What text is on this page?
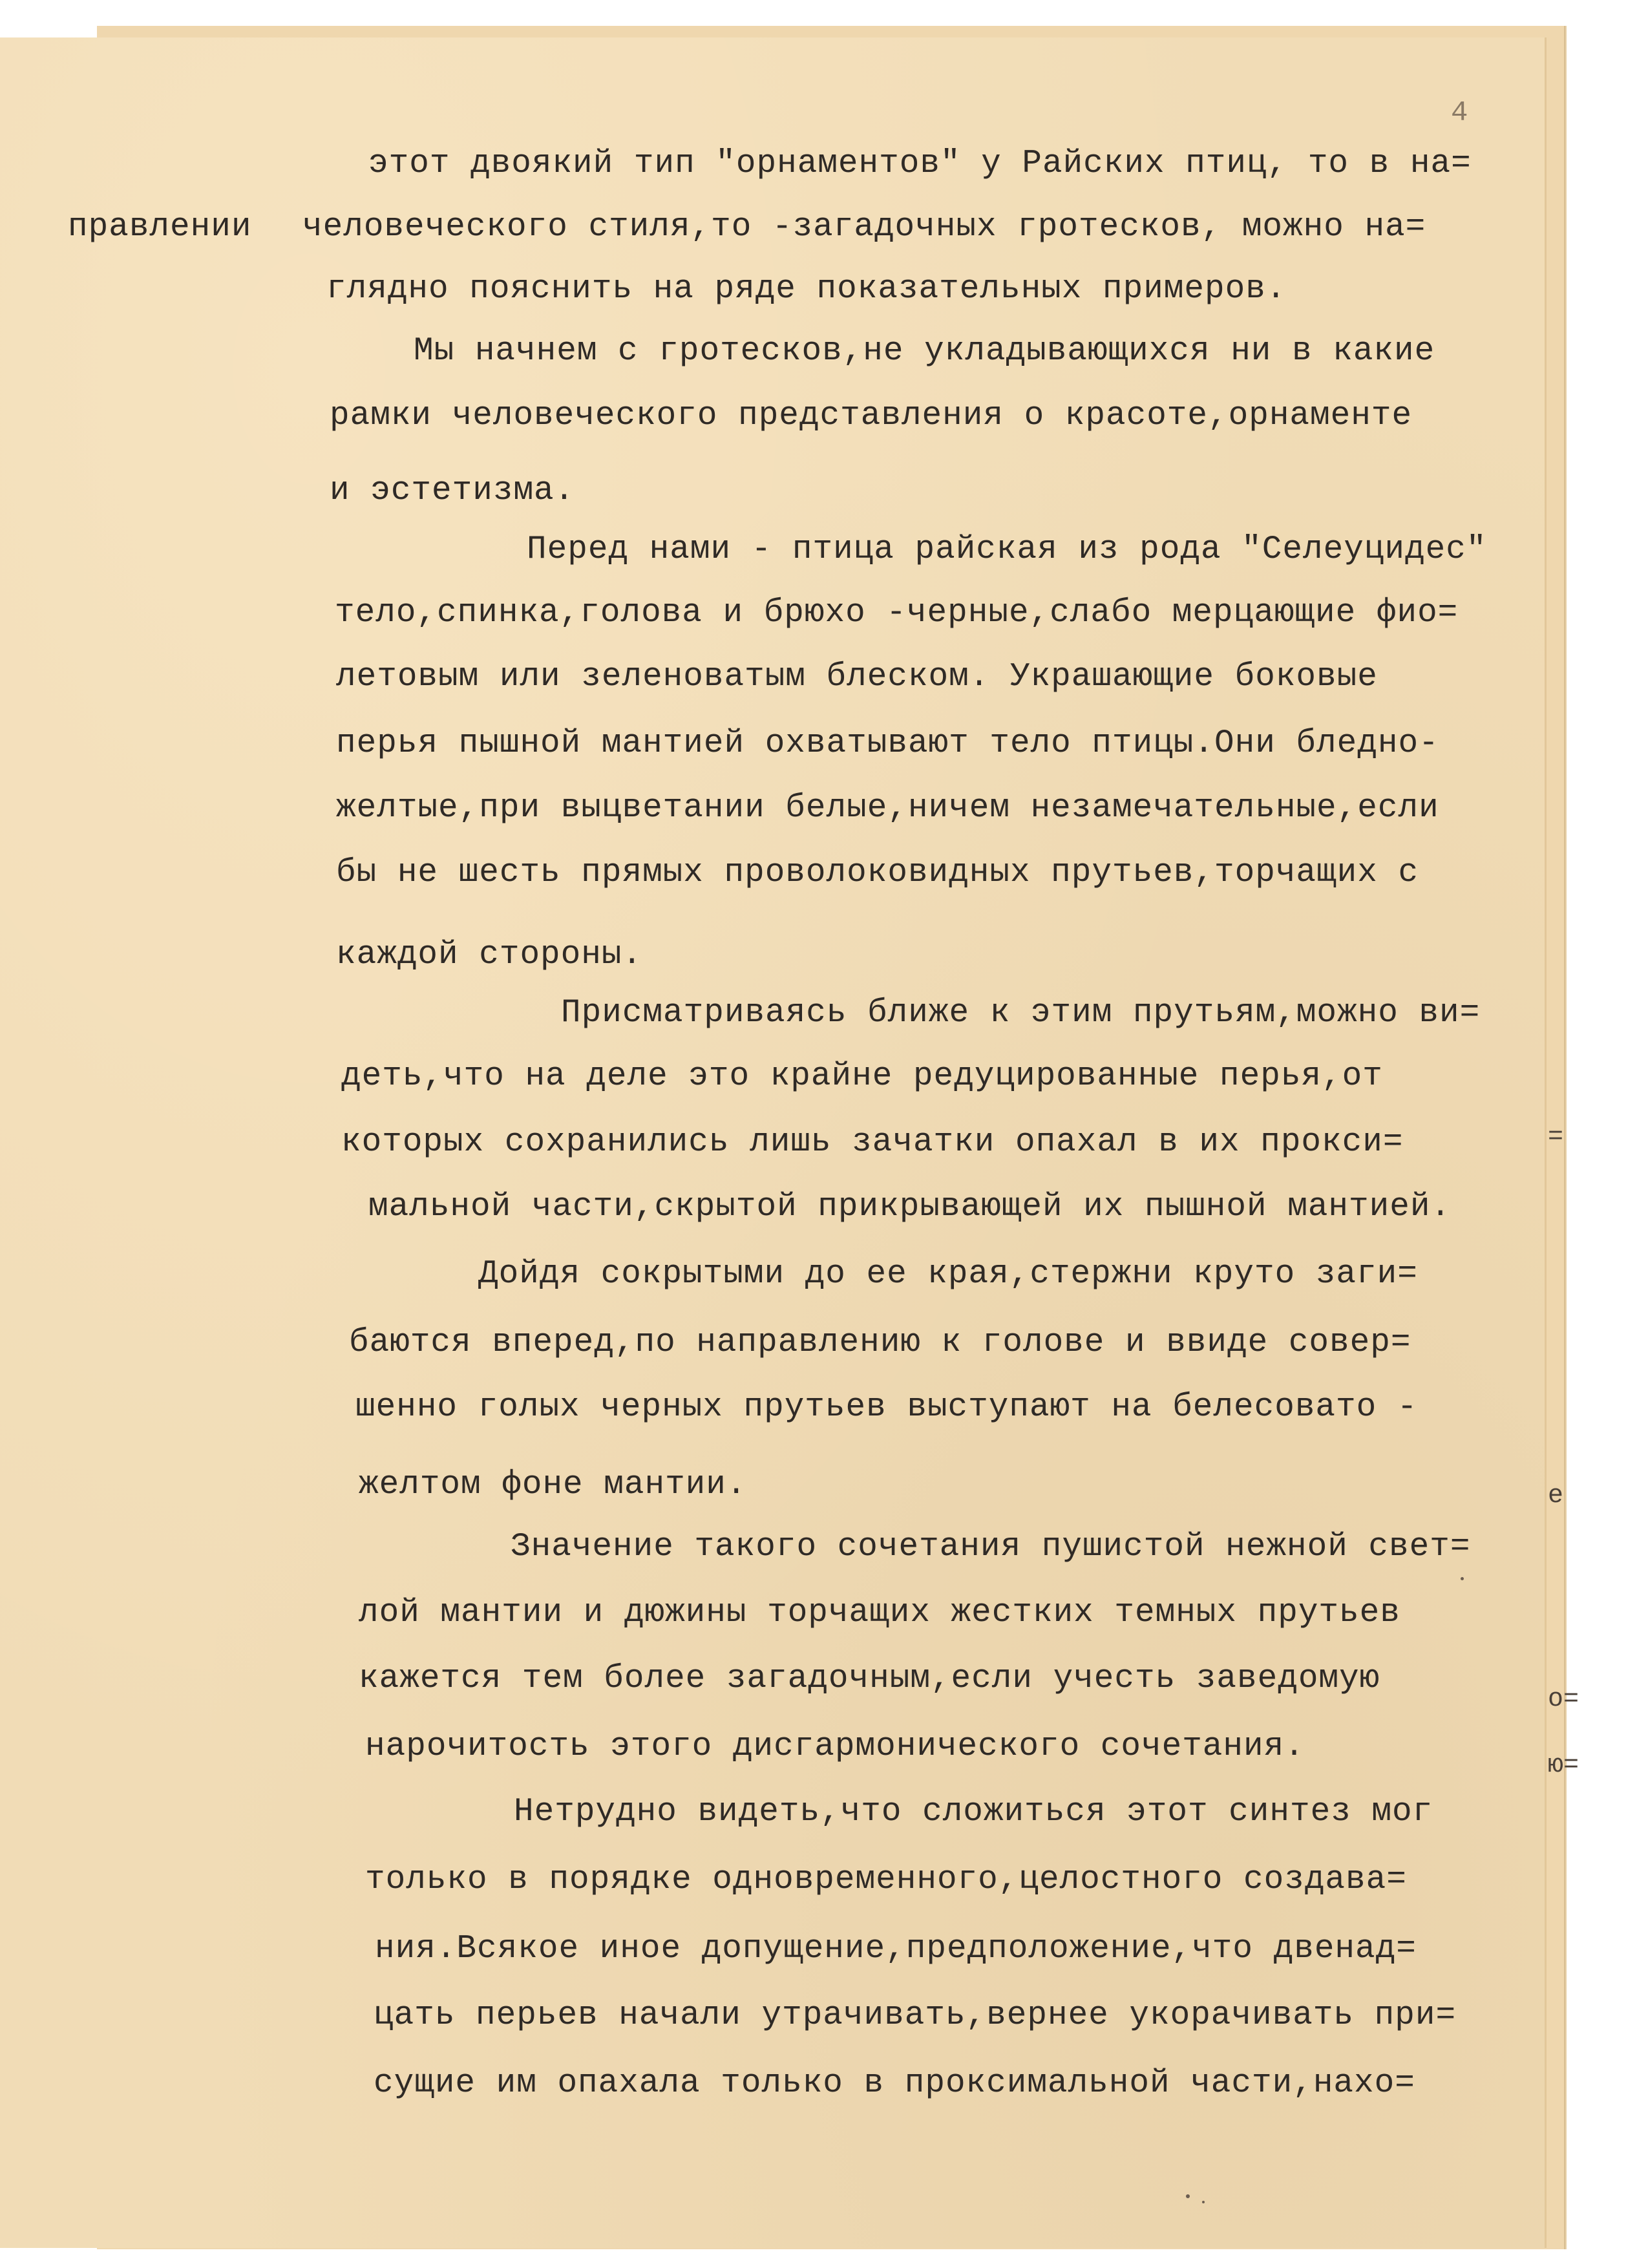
4

правлении

этот двоякий тип "орнаментов" у Райских птиц, то в на=

человеческого стиля,то -загадочных гротесков, можно на=

глядно пояснить на ряде показательных примеров.

Мы начнем с гротесков,не укладывающихся ни в какие

рамки человеческого представления о красоте,орнаменте

и эстетизма.

Перед нами - птица райская из рода "Селеуцидес"

тело,спинка,голова и брюхо -черные,слабо мерцающие фио=

летовым или зеленоватым блеском. Украшающие боковые

перья пышной мантией охватывают тело птицы.Они бледно-

желтые,при выцветании белые,ничем незамечательные,если

бы не шесть прямых проволоковидных прутьев,торчащих с

каждой стороны.

Присматриваясь ближе к этим прутьям,можно ви=

деть,что на деле это крайне редуцированные перья,от

которых сохранились лишь зачатки опахал в их прокси=

мальной части,скрытой прикрывающей их пышной мантией.

Дойдя сокрытыми до ее края,стержни круто заги=

баются вперед,по направлению к голове и ввиде совер=

шенно голых черных прутьев выступают на белесовато -

желтом фоне мантии.

Значение такого сочетания пушистой нежной свет=

лой мантии и дюжины торчащих жестких темных прутьев

кажется тем более загадочным,если учесть заведомую

нарочитость этого дисгармонического сочетания.

Нетрудно видеть,что сложиться этот синтез мог

только в порядке одновременного,целостного создава=

ния.Всякое иное допущение,предположение,что двенад=

цать перьев начали утрачивать,вернее укорачивать при=

сущие им опахала только в проксимальной части,нахо=

=

е

о=

ю=
